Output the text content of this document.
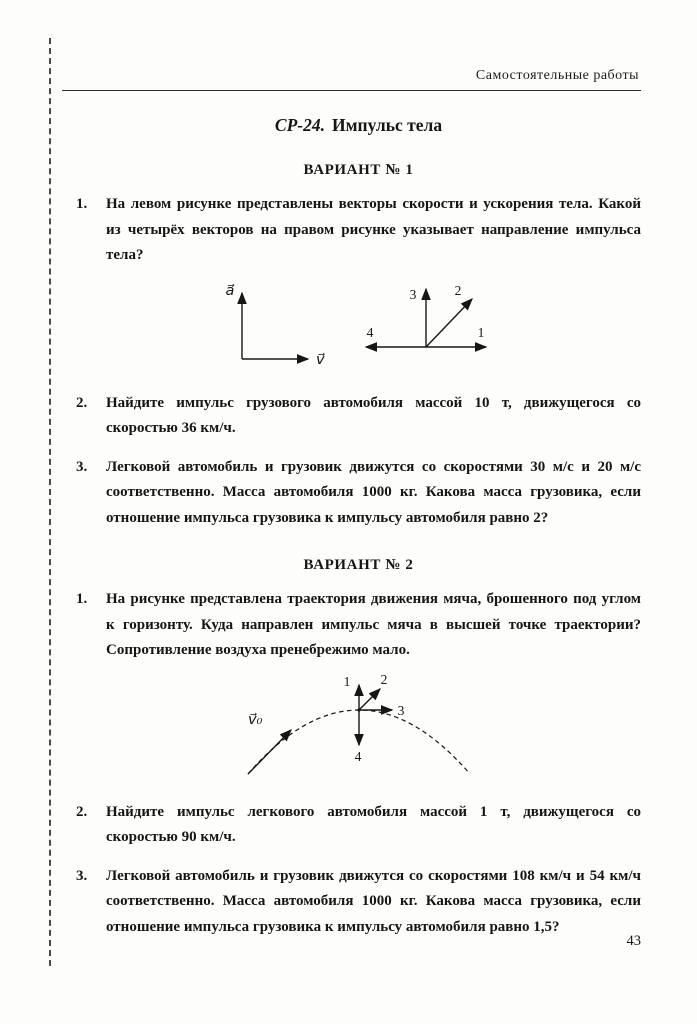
Самостоятельные работы
СР-24. Импульс тела
ВАРИАНТ № 1
1.	На левом рисунке представлены векторы скорости и ускорения тела. Какой из четырёх векторов на правом рисунке указывает направление импульса тела?
a⃗
v⃗
1
2
3
4
2.	Найдите импульс грузового автомобиля массой 10 т, движущегося со скоростью 36 км/ч.
3.	Легковой автомобиль и грузовик движутся со скоростями 30 м/с и 20 м/с соответственно. Масса автомобиля 1000 кг. Какова масса грузовика, если отношение импульса грузовика к импульсу автомобиля равно 2?
ВАРИАНТ № 2
1.	На рисунке представлена траектория движения мяча, брошенного под углом к горизонту. Куда направлен импульс мяча в высшей точке траектории? Сопротивление воздуха пренебрежимо мало.
v⃗₀
1 2
3
4
2.	Найдите импульс легкового автомобиля массой 1 т, движущегося со скоростью 90 км/ч.
3.	Легковой автомобиль и грузовик движутся со скоростями 108 км/ч и 54 км/ч соответственно. Масса автомобиля 1000 кг. Какова масса грузовика, если отношение импульса грузовика к импульсу автомобиля равно 1,5?
43
